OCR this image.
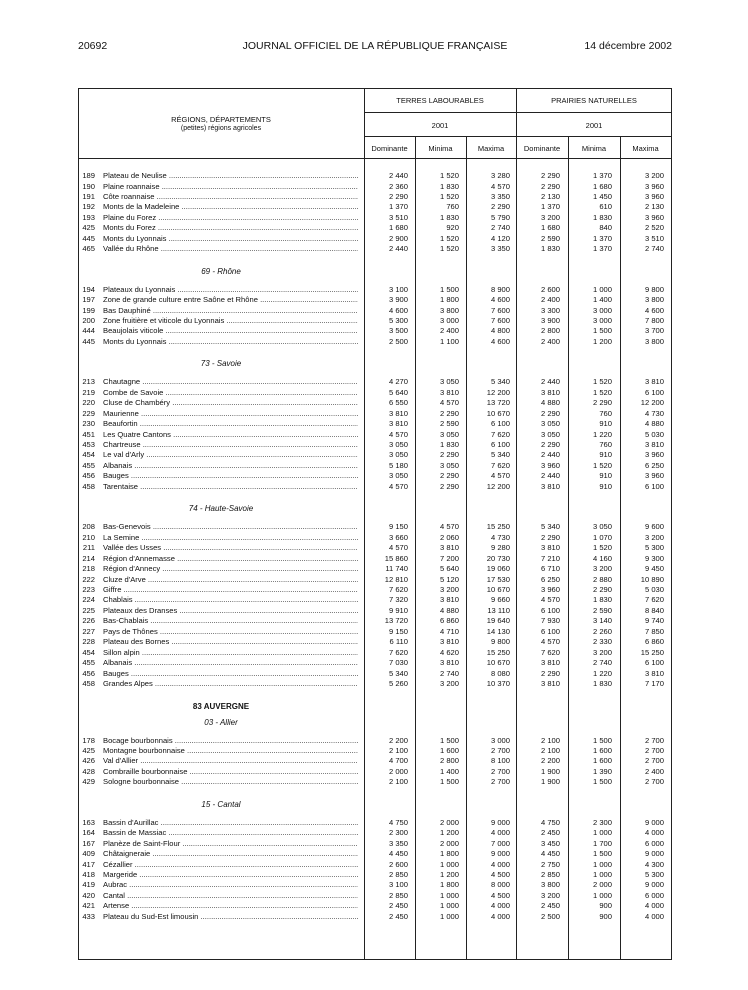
20692	JOURNAL OFFICIEL DE LA RÉPUBLIQUE FRANÇAISE	14 décembre 2002
RÉGIONS, DÉPARTEMENTS
(petites) régions agricoles
TERRES LABOURABLES	PRAIRIES NATURELLES
2001	2001
Dominante	Minima	Maxima	Dominante	Minima	Maxima
189 Plateau de Neulise .....	2 440	1 520	3 280	2 290	1 370	3 200
190 Plaine roannaise .....	2 360	1 830	4 570	2 290	1 680	3 960
191 Côte roannaise .....	2 290	1 520	3 350	2 130	1 450	3 960
192 Monts de la Madeleine .....	1 370	760	2 290	1 370	610	2 130
193 Plaine du Forez .....	3 510	1 830	5 790	3 200	1 830	3 960
425 Monts du Forez .....	1 680	920	2 740	1 680	840	2 520
445 Monts du Lyonnais .....	2 900	1 520	4 120	2 590	1 370	3 510
465 Vallée du Rhône .....	2 440	1 520	3 350	1 830	1 370	2 740
69 - Rhône
194 Plateaux du Lyonnais .....	3 100	1 500	8 900	2 600	1 000	9 800
197 Zone de grande culture entre Saône et Rhône .....	3 900	1 800	4 600	2 400	1 400	3 800
199 Bas Dauphiné .....	4 600	3 800	7 600	3 300	3 000	4 600
200 Zone fruitière et viticole du Lyonnais .....	5 300	3 000	7 600	3 900	3 000	7 800
444 Beaujolais viticole .....	3 500	2 400	4 800	2 800	1 500	3 700
445 Monts du Lyonnais .....	2 500	1 100	4 600	2 400	1 200	3 800
73 - Savoie
213 Chautagne .....	4 270	3 050	5 340	2 440	1 520	3 810
219 Combe de Savoie .....	5 640	3 810	12 200	3 810	1 520	6 100
220 Cluse de Chambéry .....	6 550	4 570	13 720	4 880	2 290	12 200
229 Maurienne .....	3 810	2 290	10 670	2 290	760	4 730
230 Beaufortin .....	3 810	2 590	6 100	3 050	910	4 880
451 Les Quatre Cantons .....	4 570	3 050	7 620	3 050	1 220	5 030
453 Chartreuse .....	3 050	1 830	6 100	2 290	760	3 810
454 Le val d'Arly .....	3 050	2 290	5 340	2 440	910	3 960
455 Albanais .....	5 180	3 050	7 620	3 960	1 520	6 250
456 Bauges .....	3 050	2 290	4 570	2 440	910	3 960
458 Tarentaise .....	4 570	2 290	12 200	3 810	910	6 100
74 - Haute-Savoie
208 Bas-Genevois .....	9 150	4 570	15 250	5 340	3 050	9 600
210 La Semine .....	3 660	2 060	4 730	2 290	1 070	3 200
211 Vallée des Usses .....	4 570	3 810	9 280	3 810	1 520	5 300
214 Région d'Annemasse .....	15 860	7 200	20 730	7 210	4 160	9 300
218 Région d'Annecy .....	11 740	5 640	19 060	6 710	3 200	9 450
222 Cluze d'Arve .....	12 810	5 120	17 530	6 250	2 880	10 890
223 Giffre .....	7 620	3 200	10 670	3 960	2 290	5 030
224 Chablais .....	7 320	3 810	9 660	4 570	1 830	7 620
225 Plateaux des Dranses .....	9 910	4 880	13 110	6 100	2 590	8 840
226 Bas-Chablais .....	13 720	6 860	19 640	7 930	3 140	9 740
227 Pays de Thônes .....	9 150	4 710	14 130	6 100	2 260	7 850
228 Plateau des Bornes .....	6 110	3 810	9 800	4 570	2 330	6 860
454 Sillon alpin .....	7 620	4 620	15 250	7 620	3 200	15 250
455 Albanais .....	7 030	3 810	10 670	3 810	2 740	6 100
456 Bauges .....	5 340	2 740	8 080	2 290	1 220	3 810
458 Grandes Alpes .....	5 260	3 200	10 370	3 810	1 830	7 170
83 AUVERGNE
03 - Allier
178 Bocage bourbonnais .....	2 200	1 500	3 000	2 100	1 500	2 700
425 Montagne bourbonnaise .....	2 100	1 600	2 700	2 100	1 600	2 700
426 Val d'Allier .....	4 700	2 800	8 100	2 200	1 600	2 700
428 Combraille bourbonnaise .....	2 000	1 400	2 700	1 900	1 390	2 400
429 Sologne bourbonnaise .....	2 100	1 500	2 700	1 900	1 500	2 700
15 - Cantal
163 Bassin d'Aurillac .....	4 750	2 000	9 000	4 750	2 300	9 000
164 Bassin de Massiac .....	2 300	1 200	4 000	2 450	1 000	4 000
167 Planèze de Saint-Flour .....	3 350	2 000	7 000	3 450	1 700	6 000
409 Châtaigneraie .....	4 450	1 800	9 000	4 450	1 500	9 000
417 Cézallier .....	2 600	1 000	4 000	2 750	1 000	4 300
418 Margeride .....	2 850	1 200	4 500	2 850	1 000	5 300
419 Aubrac .....	3 100	1 800	8 000	3 800	2 000	9 000
420 Cantal .....	2 850	1 000	4 500	3 200	1 000	6 000
421 Artense .....	2 450	1 000	4 000	2 450	900	4 000
433 Plateau du Sud-Est limousin .....	2 450	1 000	4 000	2 500	900	4 000
